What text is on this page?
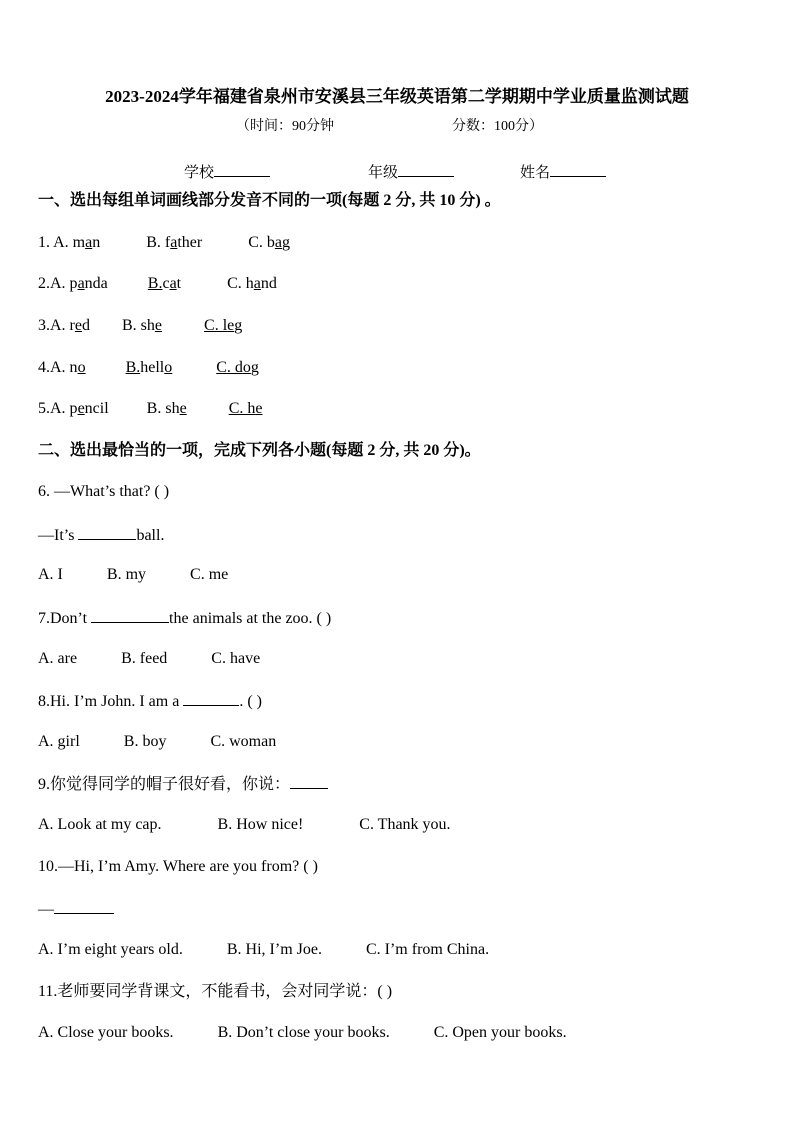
2023-2024学年福建省泉州市安溪县三年级英语第二学期期中学业质量监测试题
（时间：90分钟	分数：100分）
学校	年级	姓名
一、选出每组单词画线部分发音不同的一项(每题 2 分, 共 10 分) 。
1. A. man	B. father	C. bag
2.A. panda	B.cat	C. hand
3.A. red B. she	C. leg
4.A. no	B.hello	C. dog
5.A. pencil B. she	C. he
二、选出最恰当的一项，完成下列各小题(每题 2 分, 共 20 分)。
6. —What’s that? ( )
—It’s	ball.
A. I	B. my	C. me
7.Don’t	the animals at the zoo. ( )
A. are	B. feed	C. have
8.Hi. I’m John. I am a	. ( )
A. girl	B. boy	C. woman
9.你觉得同学的帽子很好看，你说：
A. Look at my cap.	B. How nice!	C. Thank you.
10.—Hi, I’m Amy. Where are you from? ( )
—
A. I’m eight years old.	B. Hi, I’m Joe.	C. I’m from China.
11.老师要同学背课文，不能看书，会对同学说：( )
A. Close your books.	B. Don’t close your books.	C. Open your books.
